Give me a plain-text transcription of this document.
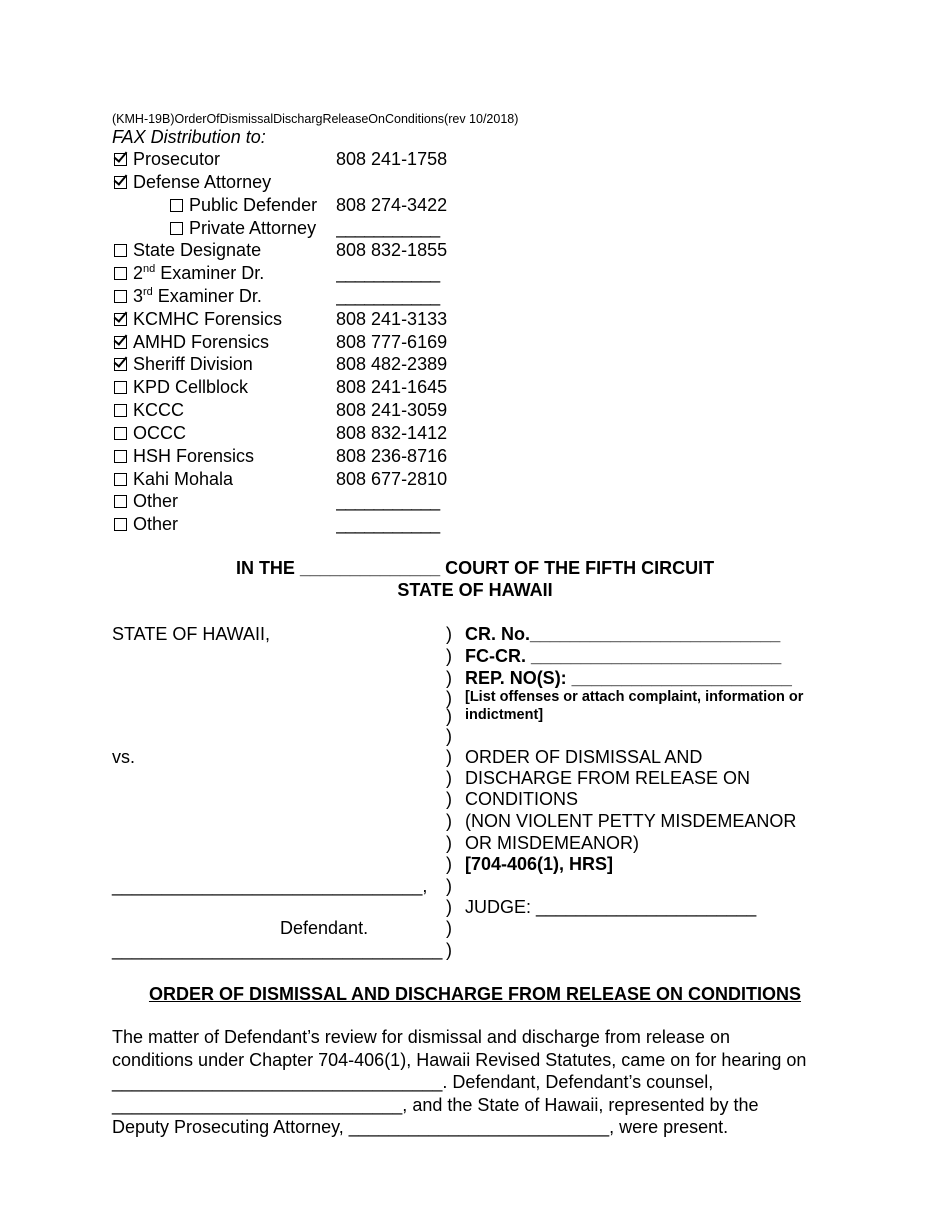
(KMH-19B)OrderOfDismissalDischargReleaseOnConditions(rev 10/2018)
FAX Distribution to:
Prosecutor	808 241-1758
Defense Attorney
Public Defender 808 274-3422
Private Attorney ___________
State Designate	808 832-1855
2nd Examiner Dr.	___________
3rd Examiner Dr.	___________
KCMHC Forensics	808 241-3133
AMHD Forensics	808 777-6169
Sheriff Division	808 482-2389
KPD Cellblock	808 241-1645
KCCC	808 241-3059
OCCC	808 832-1412
HSH Forensics	808 236-8716
Kahi Mohala	808 677-2810
Other	___________
Other	___________
IN THE ______________ COURT OF THE FIFTH CIRCUIT
STATE OF HAWAII
STATE OF HAWAII,
vs.
_______________________________,
Defendant.
_________________________________
)
)
)
)
)
)
)
)
)
)
)
)
)
)
)
)
CR. No._________________________
FC-CR. _________________________
REP. NO(S): ______________________
[List offenses or attach complaint, information or
indictment]
ORDER OF DISMISSAL AND
DISCHARGE FROM RELEASE ON
CONDITIONS
(NON VIOLENT PETTY MISDEMEANOR
OR MISDEMEANOR)
[704-406(1), HRS]
JUDGE: ______________________
ORDER OF DISMISSAL AND DISCHARGE FROM RELEASE ON CONDITIONS
The matter of Defendant’s review for dismissal and discharge from release on
conditions under Chapter 704-406(1), Hawaii Revised Statutes, came on for hearing on
_________________________________. Defendant, Defendant’s counsel,
_____________________________, and the State of Hawaii, represented by the
Deputy Prosecuting Attorney, __________________________, were present.
